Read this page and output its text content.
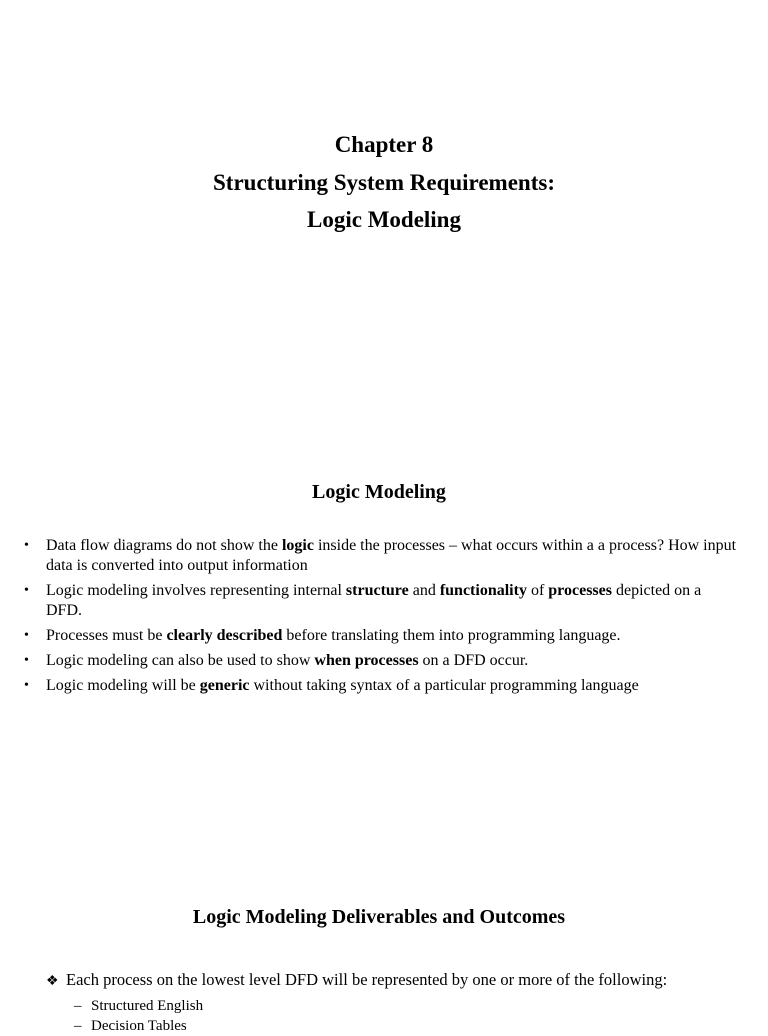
Chapter 8
Structuring System Requirements:
Logic Modeling
Logic Modeling
• Data flow diagrams do not show the logic inside the processes – what occurs within a a process? How input data is converted into output information
• Logic modeling involves representing internal structure and functionality of processes depicted on a DFD.
• Processes must be clearly described before translating them into programming language.
• Logic modeling can also be used to show when processes on a DFD occur.
• Logic modeling will be generic without taking syntax of a particular programming language
Logic Modeling Deliverables and Outcomes
❖ Each process on the lowest level DFD will be represented by one or more of the following:
– Structured English
– Decision Tables
